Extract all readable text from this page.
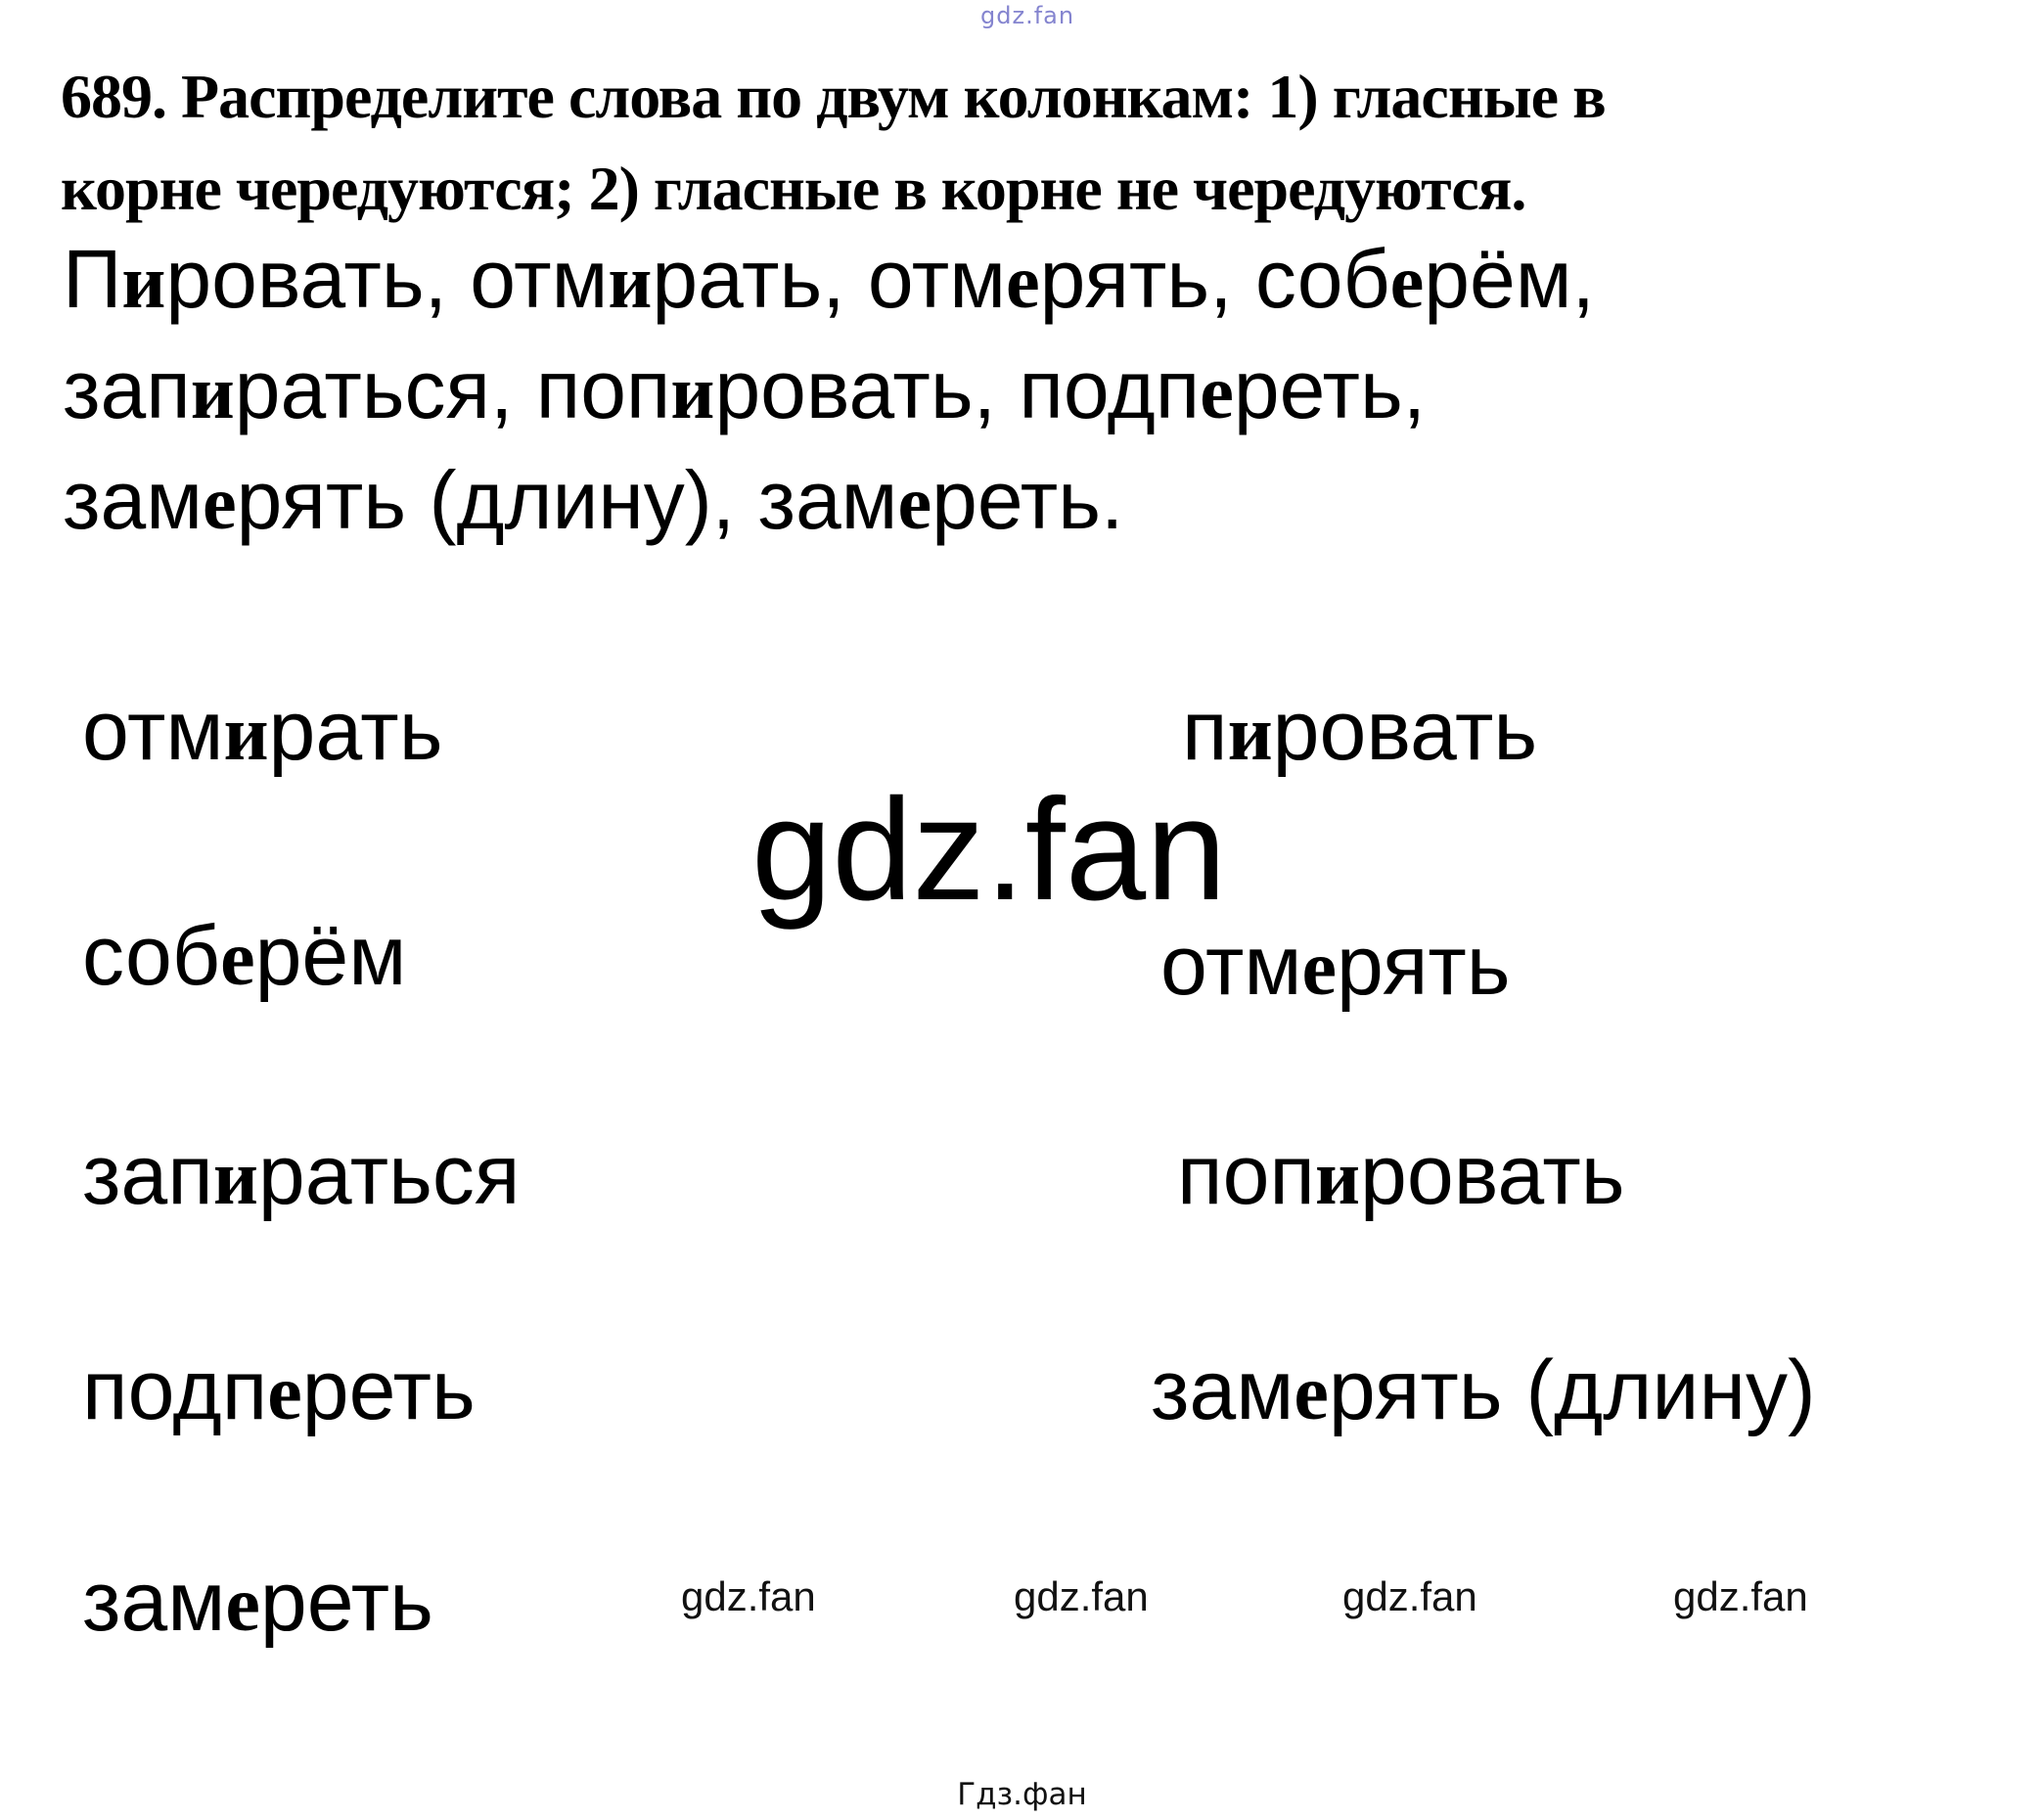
gdz.fan
689. Распределите слова по двум колонкам: 1) гласные в
корне чередуются; 2) гласные в корне не чередуются.
Пировать, отмирать, отмерять, соберём,
запираться, попировать, подпереть,
замерять (длину), замереть.
отмирать	пировать
gdz.fan
соберём	отмерять
запираться	попировать
подпереть	замерять (длину)
замереть	gdz.fan	gdz.fan	gdz.fan	gdz.fan
Гдз.фан
